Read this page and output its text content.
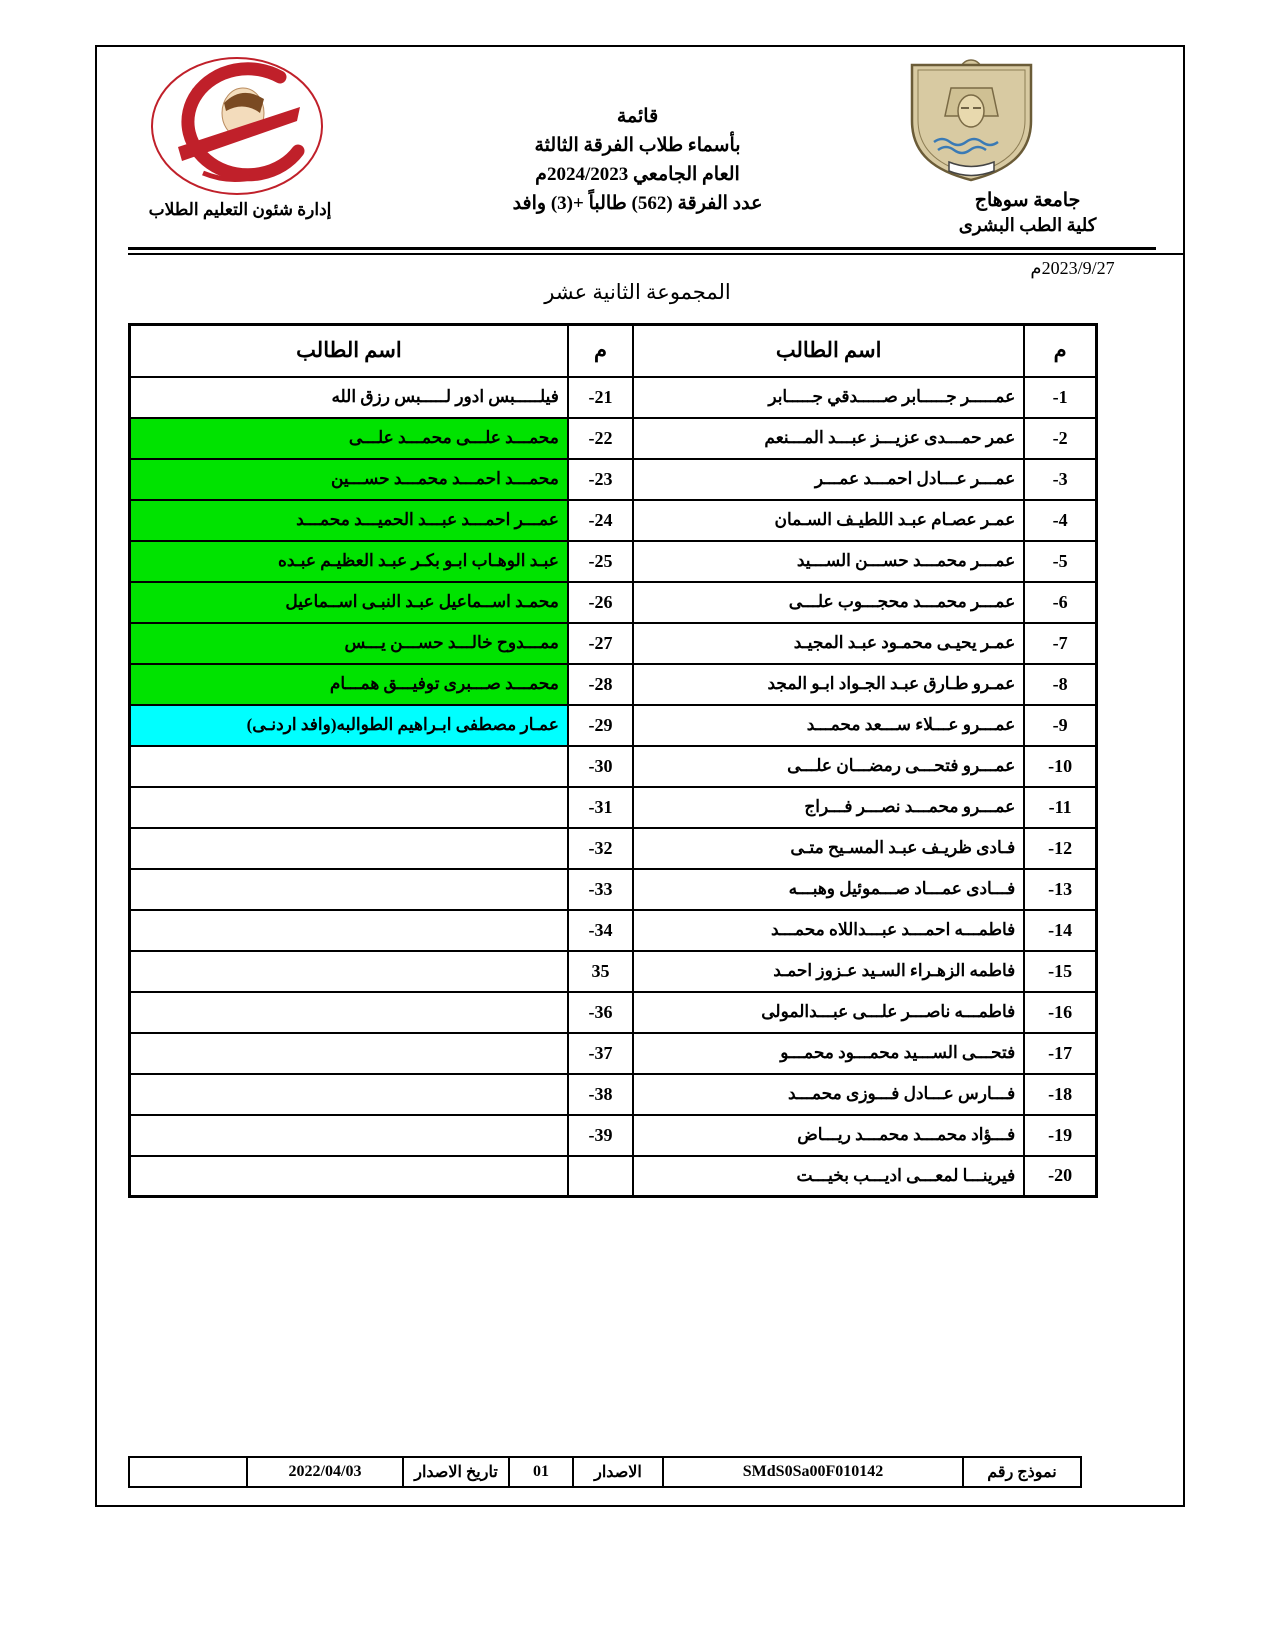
إدارة شئون التعليم الطلاب
قائمة
بأسماء طلاب الفرقة الثالثة
العام الجامعي 2024/2023م
عدد الفرقة (562) طالباً +(3) وافد	جامعة سوهاج
كلية الطب البشرى
2023/9/27م
المجموعة الثانية عشر
م	اسم الطالب	م	اسم الطالب
1-	عمـــــر جـــــابر صـــــدقي جـــــابر	21-	فيلـــــبس ادور لـــــبس رزق الله
2-	عمر حمـــدى عزيـــز عبـــد المـــنعم	22-	محمـــد علـــى محمـــد علـــى
3-	عمـــر عـــادل احمـــد عمـــر	23-	محمـــد احمـــد محمـــد حســـين
4-	عمـر عصـام عبـد اللطيـف السـمان	24-	عمـــر احمـــد عبـــد الحميـــد محمـــد
5-	عمـــر محمـــد حســـن الســـيد	25-	عبـد الوهـاب ابـو بكـر عبـد العظيـم عبـده
6-	عمـــر محمـــد محجـــوب علـــى	26-	محمـد اســماعيل عبـد النبـى اســماعيل
7-	عمـر يحيـى محمـود عبـد المجيـد	27-	ممـــدوح خالـــد حســـن يـــس
8-	عمـرو طـارق عبـد الجـواد ابـو المجد	28-	محمـــد صـــبرى توفيـــق همـــام
9-	عمـــرو عـــلاء ســـعد محمـــد	29-	عمـار مصطفى ابـراهيم الطوالبه(وافد اردنـى)
10-	عمـــرو فتحـــى رمضـــان علـــى	30-	
11-	عمـــرو محمـــد نصـــر فـــراج	31-	
12-	فـادى ظريـف عبـد المسـيح متـى	32-	
13-	فـــادى عمـــاد صـــموئيل وهبـــه	33-	
14-	فاطمـــه احمـــد عبـــداللاه محمـــد	34-	
15-	فاطمه الزهـراء السـيد عـزوز احمـد	35	
16-	فاطمـــه ناصـــر علـــى عبـــدالمولى	36-	
17-	فتحـــى الســـيد محمـــود محمـــو	37-	
18-	فـــارس عـــادل فـــوزى محمـــد	38-	
19-	فـــؤاد محمـــد محمـــد ريـــاض	39-	
20-	فيرينـــا لمعـــى اديـــب بخيـــت		
نموذج رقم	SMdS0Sa00F010142	الاصدار	01	تاريخ الاصدار	2022/04/03	
